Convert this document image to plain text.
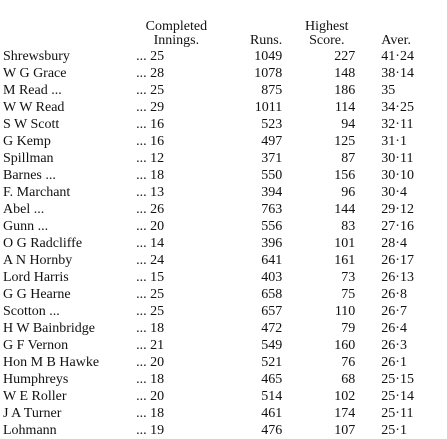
	Completed
Innings.	Runs.	Highest
Score.	Aver.
Shrewsbury	... 25	1049	227	41·24
W G Grace	... 28	1078	148	38·14
M Read ...	... 25	875	186	35
W W Read	... 29	1011	114	34·25
S W Scott	... 16	523	94	32·11
G Kemp	... 16	497	125	31·1
Spillman	... 12	371	87	30·11
Barnes ...	... 18	550	156	30·10
F. Marchant	... 13	394	96	30·4
Abel ...	... 26	763	144	29·12
Gunn ...	... 20	556	83	27·16
O G Radcliffe	... 14	396	101	28·4
A N Hornby	... 24	641	161	26·17
Lord Harris	... 15	403	73	26·13
G G Hearne	... 25	658	75	26·8
Scotton ...	... 25	657	110	26·7
H W Bainbridge	... 18	472	79	26·4
G F Vernon	... 21	549	160	26·3
Hon M B Hawke	... 20	521	76	26·1
Humphreys	... 18	465	68	25·15
W E Roller	... 20	514	102	25·14
J A Turner	... 18	461	174	25·11
Lohmann	... 19	476	107	25·1
